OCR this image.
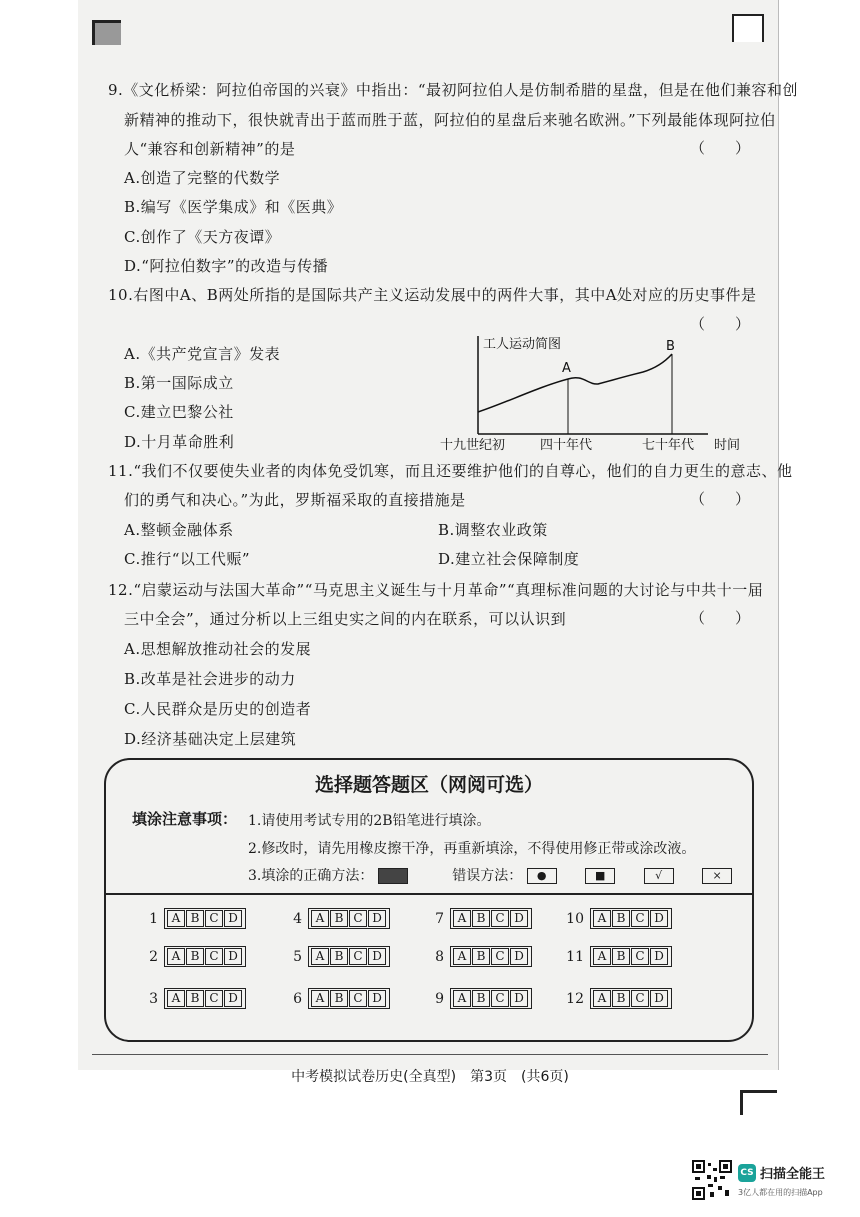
9.《文化桥梁：阿拉伯帝国的兴衰》中指出：“最初阿拉伯人是仿制希腊的星盘，但是在他们兼容和创
新精神的推动下，很快就青出于蓝而胜于蓝，阿拉伯的星盘后来驰名欧洲。”下列最能体现阿拉伯
人“兼容和创新精神”的是	（　　）
A.创造了完整的代数学
B.编写《医学集成》和《医典》
C.创作了《天方夜谭》
D.“阿拉伯数字”的改造与传播
10.右图中A、B两处所指的是国际共产主义运动发展中的两件大事，其中A处对应的历史事件是
（　　）
A.《共产党宣言》发表
B.第一国际成立
C.建立巴黎公社
D.十月革命胜利
工人运动简图
A
B
十九世纪初	四十年代	七十年代 时间
11.“我们不仅要使失业者的肉体免受饥寒，而且还要维护他们的自尊心，他们的自力更生的意志、他
们的勇气和决心。”为此，罗斯福采取的直接措施是	（　　）
A.整顿金融体系	B.调整农业政策
C.推行“以工代赈”	D.建立社会保障制度
12.“启蒙运动与法国大革命”“马克思主义诞生与十月革命”“真理标准问题的大讨论与中共十一届
三中全会”，通过分析以上三组史实之间的内在联系，可以认识到	（　　）
A.思想解放推动社会的发展
B.改革是社会进步的动力
C.人民群众是历史的创造者
D.经济基础决定上层建筑
选择题答题区（网阅可选）
填涂注意事项： 1.请使用考试专用的2B铅笔进行填涂。
2.修改时，请先用橡皮擦干净，再重新填涂，不得使用修正带或涂改液。
3.填涂的正确方法：	错误方法： ●	■	√	×
1	A B C D
2	A B C D
3	A B C D
4	A B C D
5	A B C D
6	A B C D
7	A B C D
8	A B C D
9	A B C D
10	A B C D
11	A B C D
12	A B C D
中考模拟试卷历史(全真型)　第3页　(共6页)
CS 扫描全能王
3亿人都在用的扫描App
